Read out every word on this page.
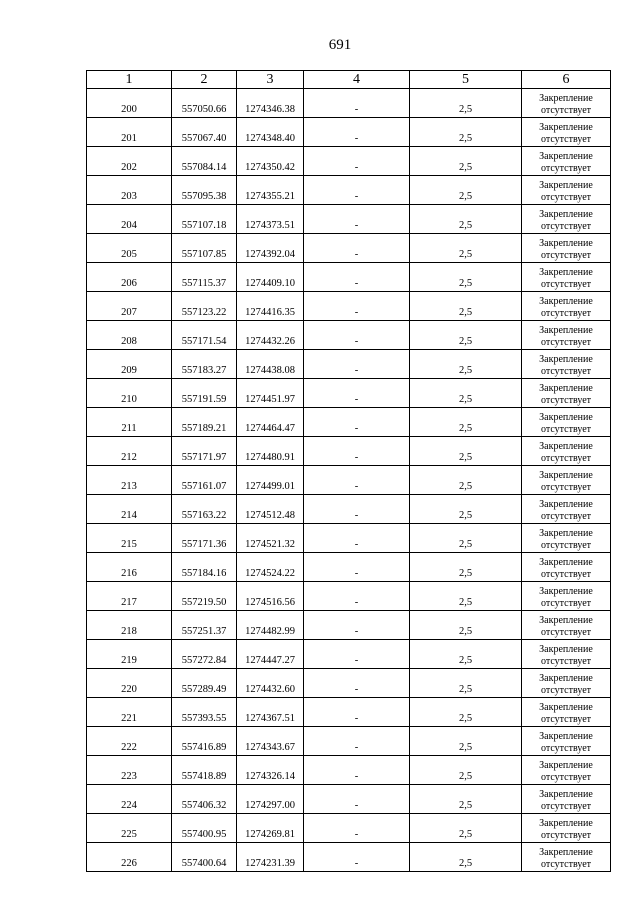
691
1	2	3	4	5	6
200	557050.66	1274346.38	-	2,5	Закрепление
отсутствует

201	557067.40	1274348.40	-	2,5	Закрепление
отсутствует

202	557084.14	1274350.42	-	2,5	Закрепление
отсутствует

203	557095.38	1274355.21	-	2,5	Закрепление
отсутствует

204	557107.18	1274373.51	-	2,5	Закрепление
отсутствует

205	557107.85	1274392.04	-	2,5	Закрепление
отсутствует

206	557115.37	1274409.10	-	2,5	Закрепление
отсутствует

207	557123.22	1274416.35	-	2,5	Закрепление
отсутствует

208	557171.54	1274432.26	-	2,5	Закрепление
отсутствует

209	557183.27	1274438.08	-	2,5	Закрепление
отсутствует

210	557191.59	1274451.97	-	2,5	Закрепление
отсутствует

211	557189.21	1274464.47	-	2,5	Закрепление
отсутствует

212	557171.97	1274480.91	-	2,5	Закрепление
отсутствует

213	557161.07	1274499.01	-	2,5	Закрепление
отсутствует

214	557163.22	1274512.48	-	2,5	Закрепление
отсутствует

215	557171.36	1274521.32	-	2,5	Закрепление
отсутствует

216	557184.16	1274524.22	-	2,5	Закрепление
отсутствует

217	557219.50	1274516.56	-	2,5	Закрепление
отсутствует

218	557251.37	1274482.99	-	2,5	Закрепление
отсутствует

219	557272.84	1274447.27	-	2,5	Закрепление
отсутствует

220	557289.49	1274432.60	-	2,5	Закрепление
отсутствует

221	557393.55	1274367.51	-	2,5	Закрепление
отсутствует

222	557416.89	1274343.67	-	2,5	Закрепление
отсутствует

223	557418.89	1274326.14	-	2,5	Закрепление
отсутствует

224	557406.32	1274297.00	-	2,5	Закрепление
отсутствует

225	557400.95	1274269.81	-	2,5	Закрепление
отсутствует

226	557400.64	1274231.39	-	2,5	Закрепление
отсутствует
